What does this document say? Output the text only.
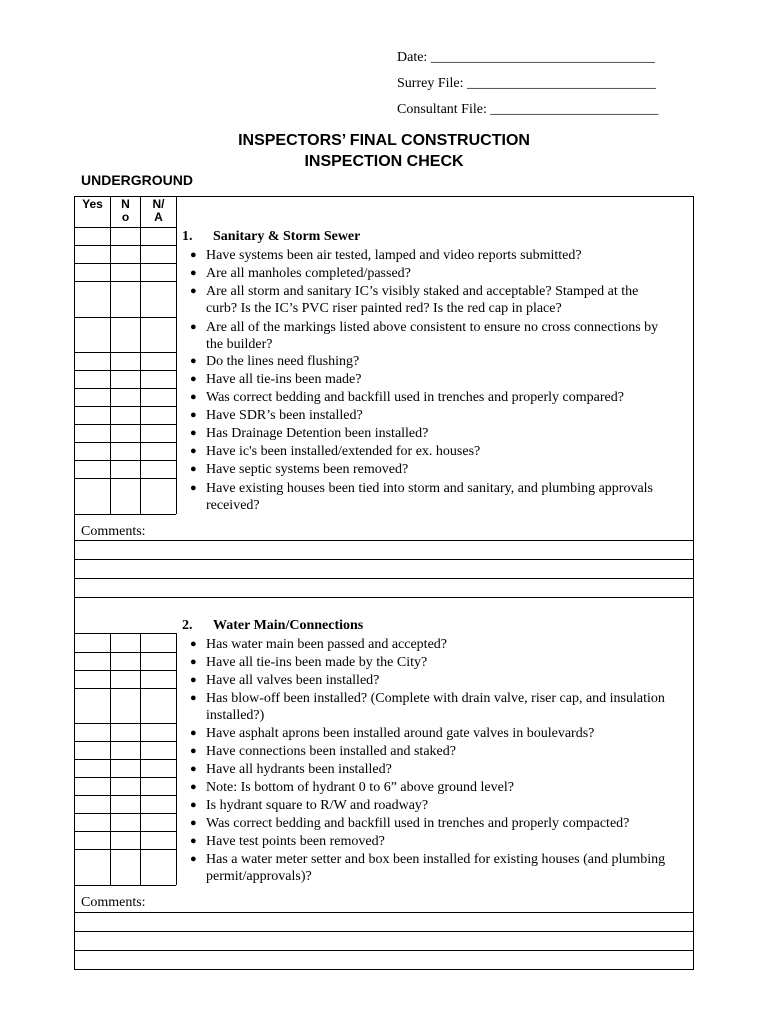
Date: ________________________________
Surrey File: ___________________________
Consultant File: ________________________
INSPECTORS’ FINAL CONSTRUCTION
INSPECTION CHECK
UNDERGROUND
Yes	N
o
N/
A
1. Sanitary & Storm Sewer
● Have systems been air tested, lamped and video reports submitted?
● Are all manholes completed/passed?
● Are all storm and sanitary IC’s visibly staked and acceptable? Stamped at the curb? Is the IC’s PVC riser painted red? Is the red cap in place?
● Are all of the markings listed above consistent to ensure no cross connections by the builder?
● Do the lines need flushing?
● Have all tie-ins been made?
● Was correct bedding and backfill used in trenches and properly compared?
● Have SDR’s been installed?
● Has Drainage Detention been installed?
● Have ic's been installed/extended for ex. houses?
● Have septic systems been removed?
● Have existing houses been tied into storm and sanitary, and plumbing approvals received?
Comments:
2. Water Main/Connections
● Has water main been passed and accepted?
● Have all tie-ins been made by the City?
● Have all valves been installed?
● Has blow-off been installed? (Complete with drain valve, riser cap, and insulation installed?)
● Have asphalt aprons been installed around gate valves in boulevards?
● Have connections been installed and staked?
● Have all hydrants been installed?
● Note: Is bottom of hydrant 0 to 6” above ground level?
● Is hydrant square to R/W and roadway?
● Was correct bedding and backfill used in trenches and properly compacted?
● Have test points been removed?
● Has a water meter setter and box been installed for existing houses (and plumbing permit/approvals)?
Comments:
